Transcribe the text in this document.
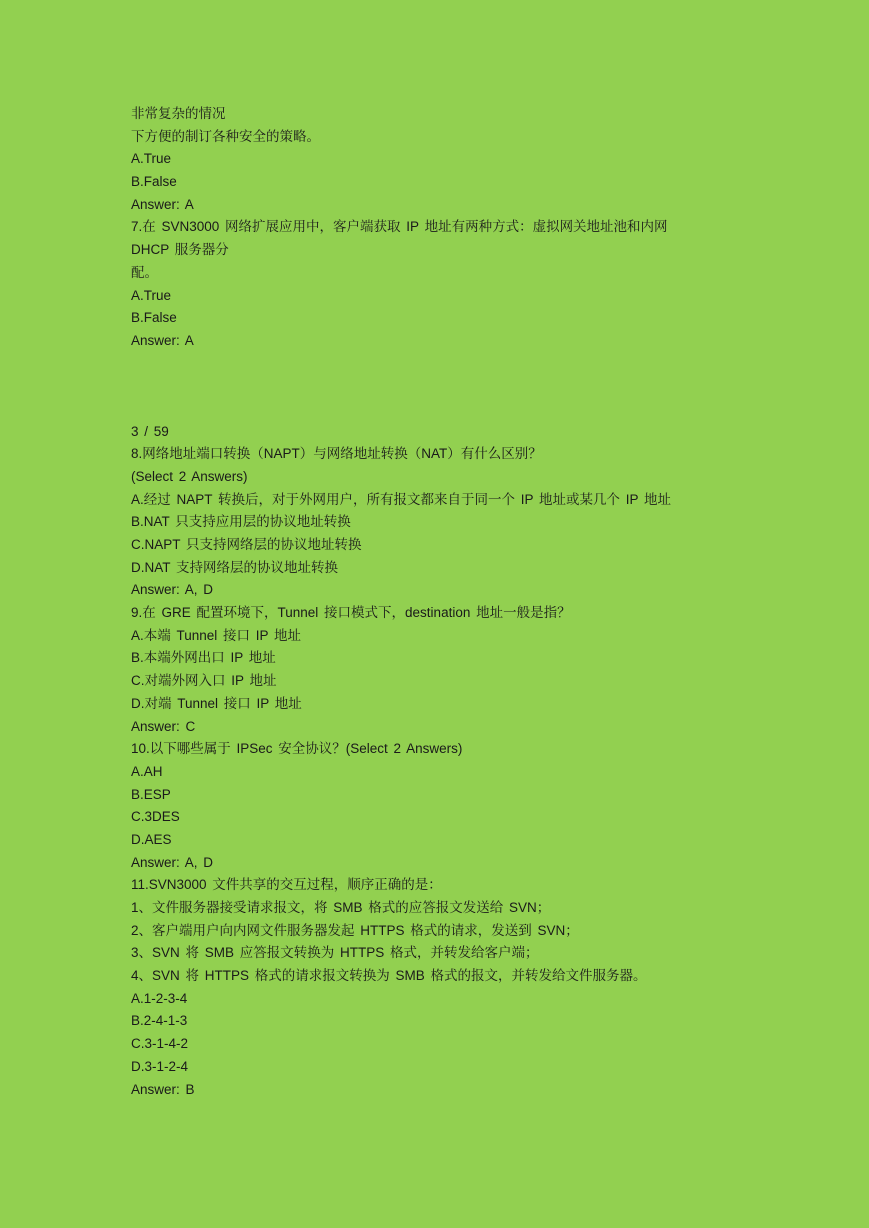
非常复杂的情况
下方便的制订各种安全的策略。
A.True
B.False
Answer: A
7.在 SVN3000 网络扩展应用中，客户端获取 IP 地址有两种方式：虚拟网关地址池和内网
DHCP 服务器分
配。
A.True
B.False
Answer: A
3 / 59
8.网络地址端口转换（NAPT）与网络地址转换（NAT）有什么区别？
(Select 2 Answers)
A.经过 NAPT 转换后，对于外网用户，所有报文都来自于同一个 IP 地址或某几个 IP 地址
B.NAT 只支持应用层的协议地址转换
C.NAPT 只支持网络层的协议地址转换
D.NAT 支持网络层的协议地址转换
Answer: A, D
9.在 GRE 配置环境下，Tunnel 接口模式下，destination 地址一般是指？
A.本端 Tunnel 接口 IP 地址
B.本端外网出口 IP 地址
C.对端外网入口 IP 地址
D.对端 Tunnel 接口 IP 地址
Answer: C
10.以下哪些属于 IPSec 安全协议？(Select 2 Answers)
A.AH
B.ESP
C.3DES
D.AES
Answer: A, D
11.SVN3000 文件共享的交互过程，顺序正确的是：
1、文件服务器接受请求报文，将 SMB 格式的应答报文发送给 SVN；
2、客户端用户向内网文件服务器发起 HTTPS 格式的请求，发送到 SVN；
3、SVN 将 SMB 应答报文转换为 HTTPS 格式，并转发给客户端；
4、SVN 将 HTTPS 格式的请求报文转换为 SMB 格式的报文，并转发给文件服务器。
A.1-2-3-4
B.2-4-1-3
C.3-1-4-2
D.3-1-2-4
Answer: B
